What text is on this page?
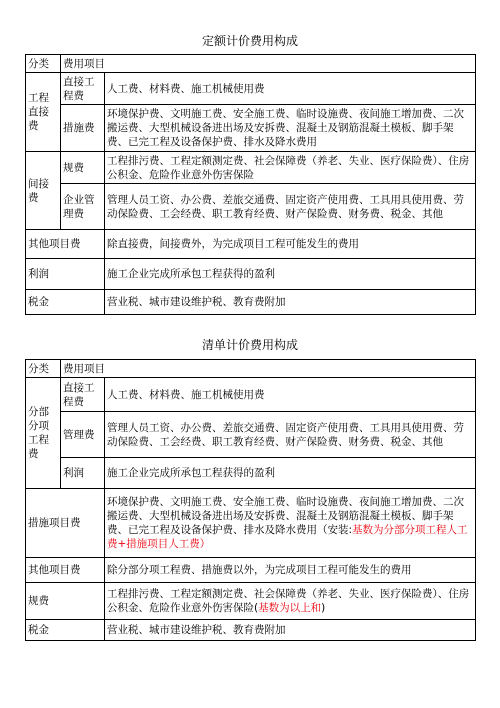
定额计价费用构成
分类	费用项目	
工程直接费	直接工程费	人工费、材料费、施工机械使用费
	措施费	环境保护费、文明施工费、安全施工费、临时设施费、夜间施工增加费、二次搬运费、大型机械设备进出场及安拆费、混凝土及钢筋混凝土模板、脚手架费、已完工程及设备保护费、排水及降水费用
间接费	规费	工程排污费、工程定额测定费、社会保障费（养老、失业、医疗保险费）、住房公积金、危险作业意外伤害保险
	企业管理费	管理人员工资、办公费、差旅交通费、固定资产使用费、工具用具使用费、劳动保险费、工会经费、职工教育经费、财产保险费、财务费、税金、其他
其他项目费		除直接费，间接费外，为完成项目工程可能发生的费用
利润		施工企业完成所承包工程获得的盈利
税金		营业税、城市建设维护税、教育费附加
清单计价费用构成
分类	费用项目	
分部分项工程费	直接工程费	人工费、材料费、施工机械使用费
	管理费	管理人员工资、办公费、差旅交通费、固定资产使用费、工具用具使用费、劳动保险费、工会经费、职工教育经费、财产保险费、财务费、税金、其他
	利润	施工企业完成所承包工程获得的盈利
措施项目费		环境保护费、文明施工费、安全施工费、临时设施费、夜间施工增加费、二次搬运费、大型机械设备进出场及安拆费、混凝土及钢筋混凝土模板、脚手架费、已完工程及设备保护费、排水及降水费用（安装:基数为分部分项工程人工费+措施项目人工费）
其他项目费		除分部分项工程费、措施费以外，为完成项目工程可能发生的费用
规费		工程排污费、工程定额测定费、社会保障费（养老、失业、医疗保险费）、住房公积金、危险作业意外伤害保险(基数为以上和)
税金		营业税、城市建设维护税、教育费附加
